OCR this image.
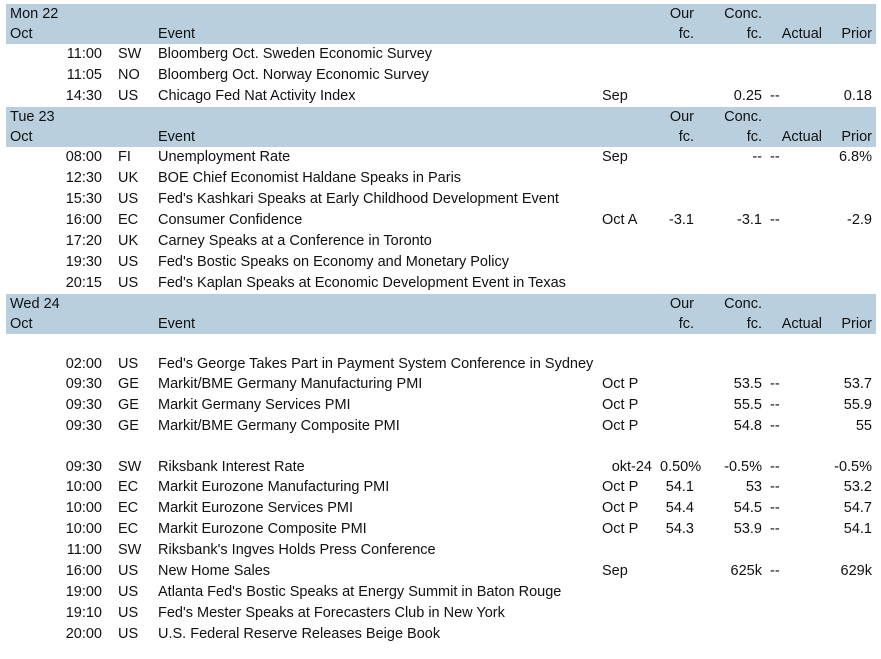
Mon 22				Our	Conc.		
Oct		Event		fc.	fc.	Actual	Prior
11:00	SW	Bloomberg Oct. Sweden Economic Survey					
11:05	NO	Bloomberg Oct. Norway Economic Survey					
14:30	US	Chicago Fed Nat Activity Index	Sep		0.25	--	0.18
Tue 23				Our	Conc.		
Oct		Event		fc.	fc.	Actual	Prior
08:00	FI	Unemployment Rate	Sep		--	--	6.8%
12:30	UK	BOE Chief Economist Haldane Speaks in Paris					
15:30	US	Fed's Kashkari Speaks at Early Childhood Development Event					
16:00	EC	Consumer Confidence	Oct A	-3.1	-3.1	--	-2.9
17:20	UK	Carney Speaks at a Conference in Toronto					
19:30	US	Fed's Bostic Speaks on Economy and Monetary Policy					
20:15	US	Fed's Kaplan Speaks at Economic Development Event in Texas					
Wed 24				Our	Conc.		
Oct		Event		fc.	fc.	Actual	Prior
02:00	US	Fed's George Takes Part in Payment System Conference in Sydney					
09:30	GE	Markit/BME Germany Manufacturing PMI	Oct P		53.5	--	53.7
09:30	GE	Markit Germany Services PMI	Oct P		55.5	--	55.9
09:30	GE	Markit/BME Germany Composite PMI	Oct P		54.8	--	55
09:30	SW	Riksbank Interest Rate	okt-24	0.50%	-0.5%	--	-0.5%
10:00	EC	Markit Eurozone Manufacturing PMI	Oct P	54.1	53	--	53.2
10:00	EC	Markit Eurozone Services PMI	Oct P	54.4	54.5	--	54.7
10:00	EC	Markit Eurozone Composite PMI	Oct P	54.3	53.9	--	54.1
11:00	SW	Riksbank's Ingves Holds Press Conference					
16:00	US	New Home Sales	Sep		625k	--	629k
19:00	US	Atlanta Fed's Bostic Speaks at Energy Summit in Baton Rouge					
19:10	US	Fed's Mester Speaks at Forecasters Club in New York					
20:00	US	U.S. Federal Reserve Releases Beige Book					
